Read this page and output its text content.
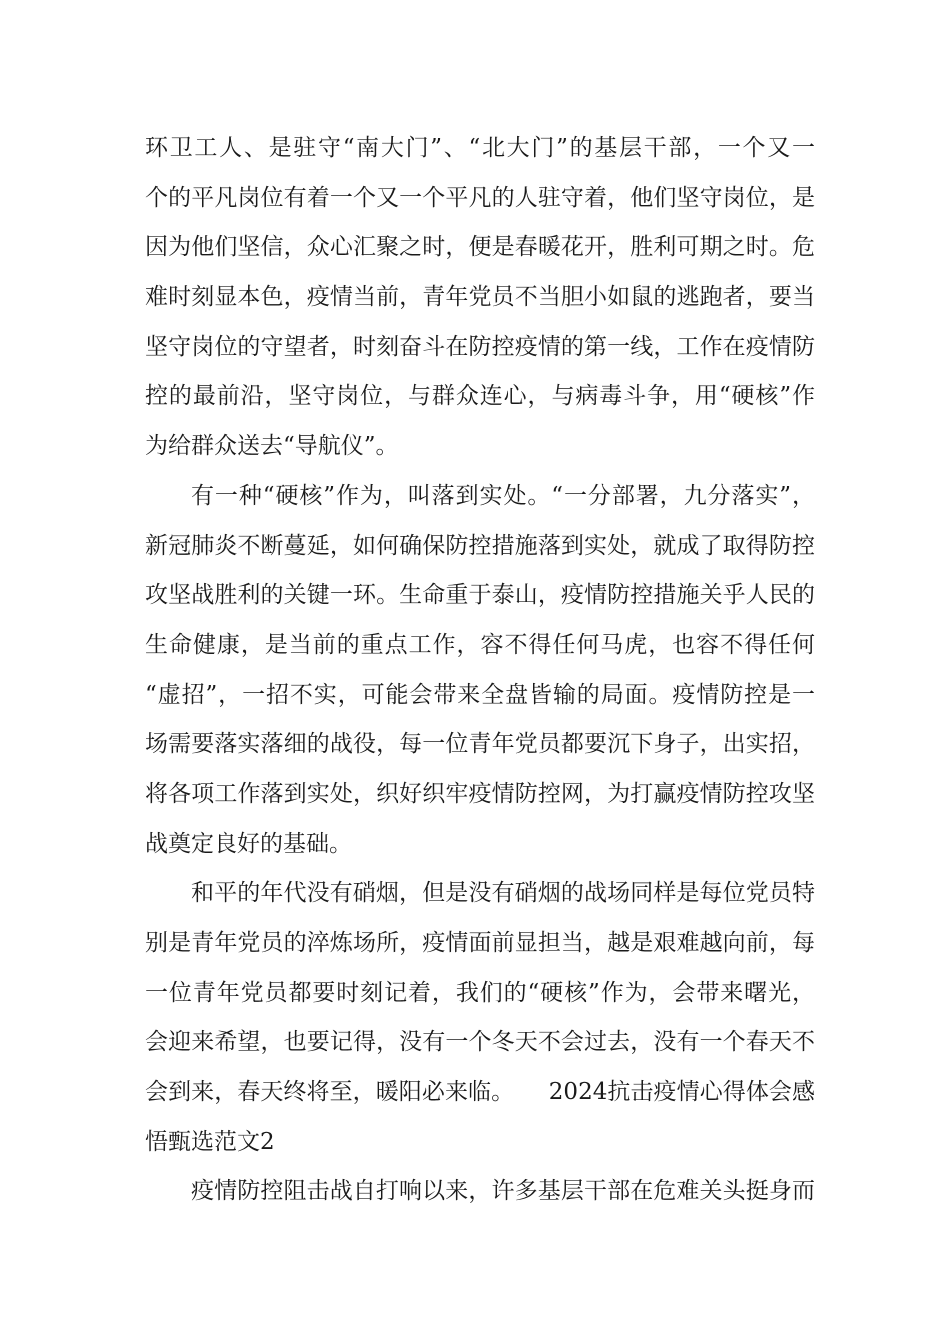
环卫工人、是驻守“南大门”、“北大门”的基层干部，一个又一
个的平凡岗位有着一个又一个平凡的人驻守着，他们坚守岗位，是
因为他们坚信，众心汇聚之时，便是春暖花开，胜利可期之时。危
难时刻显本色，疫情当前，青年党员不当胆小如鼠的逃跑者，要当
坚守岗位的守望者，时刻奋斗在防控疫情的第一线，工作在疫情防
控的最前沿，坚守岗位，与群众连心，与病毒斗争，用“硬核”作
为给群众送去“导航仪”。
有一种“硬核”作为，叫落到实处。“一分部署，九分落实”，
新冠肺炎不断蔓延，如何确保防控措施落到实处，就成了取得防控
攻坚战胜利的关键一环。生命重于泰山，疫情防控措施关乎人民的
生命健康，是当前的重点工作，容不得任何马虎，也容不得任何
“虚招”，一招不实，可能会带来全盘皆输的局面。疫情防控是一
场需要落实落细的战役，每一位青年党员都要沉下身子，出实招，
将各项工作落到实处，织好织牢疫情防控网，为打赢疫情防控攻坚
战奠定良好的基础。
和平的年代没有硝烟，但是没有硝烟的战场同样是每位党员特
别是青年党员的淬炼场所，疫情面前显担当，越是艰难越向前，每
一位青年党员都要时刻记着，我们的“硬核”作为，会带来曙光，
会迎来希望，也要记得，没有一个冬天不会过去，没有一个春天不
会到来，春天终将至，暖阳必来临。　　2024抗击疫情心得体会感
悟甄选范文2
疫情防控阻击战自打响以来，许多基层干部在危难关头挺身而
